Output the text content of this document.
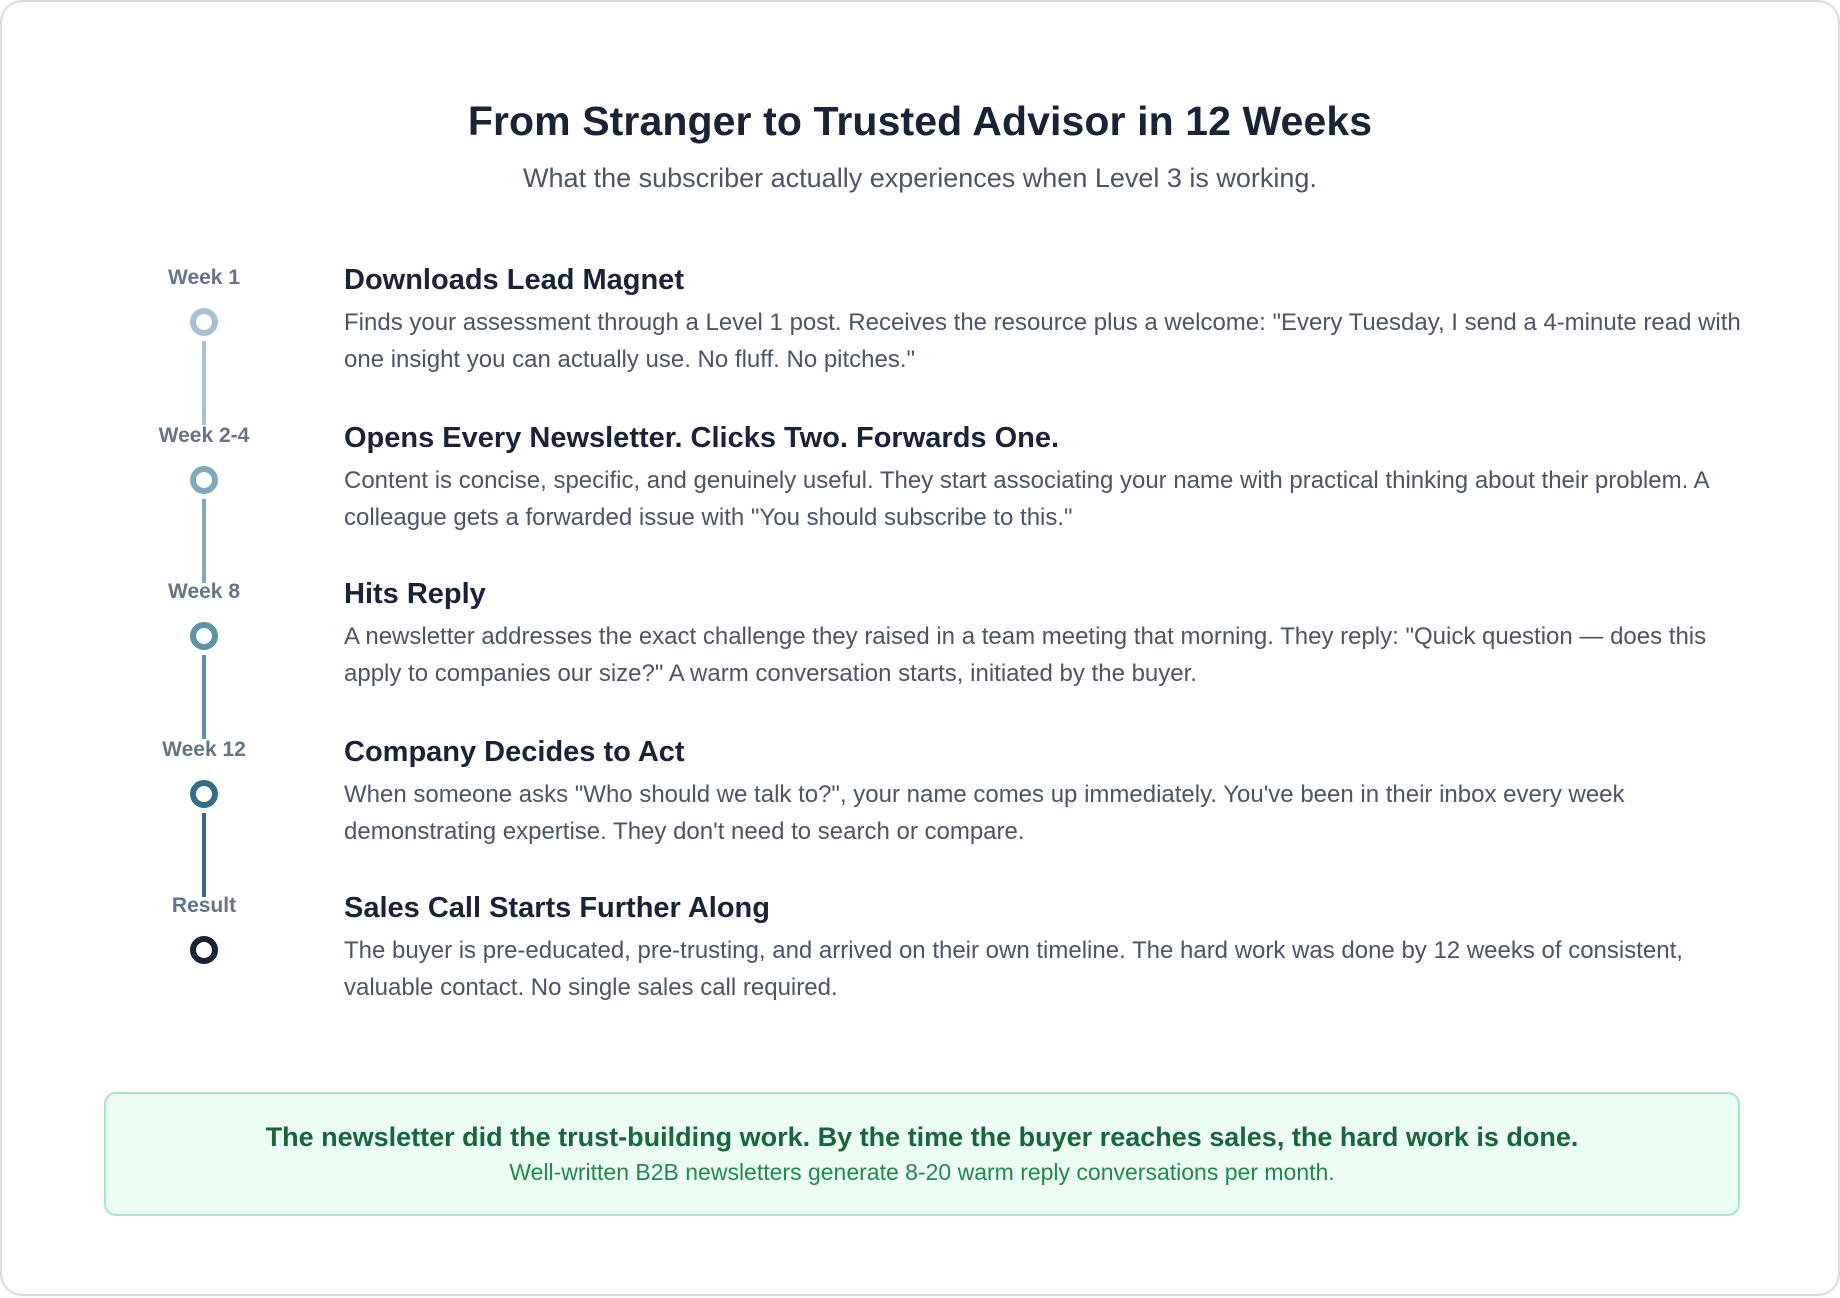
From Stranger to Trusted Advisor in 12 Weeks
What the subscriber actually experiences when Level 3 is working.
Week 1	Downloads Lead Magnet
Finds your assessment through a Level 1 post. Receives the resource plus a welcome: "Every Tuesday, I send a 4-minute read with one insight you can actually use. No fluff. No pitches."
Week 2-4	Opens Every Newsletter. Clicks Two. Forwards One.
Content is concise, specific, and genuinely useful. They start associating your name with practical thinking about their problem. A colleague gets a forwarded issue with "You should subscribe to this."
Week 8	Hits Reply
A newsletter addresses the exact challenge they raised in a team meeting that morning. They reply: "Quick question — does this apply to companies our size?" A warm conversation starts, initiated by the buyer.
Week 12	Company Decides to Act
When someone asks "Who should we talk to?", your name comes up immediately. You've been in their inbox every week demonstrating expertise. They don't need to search or compare.
Result	Sales Call Starts Further Along
The buyer is pre-educated, pre-trusting, and arrived on their own timeline. The hard work was done by 12 weeks of consistent, valuable contact. No single sales call required.
The newsletter did the trust-building work. By the time the buyer reaches sales, the hard work is done.
Well-written B2B newsletters generate 8-20 warm reply conversations per month.
